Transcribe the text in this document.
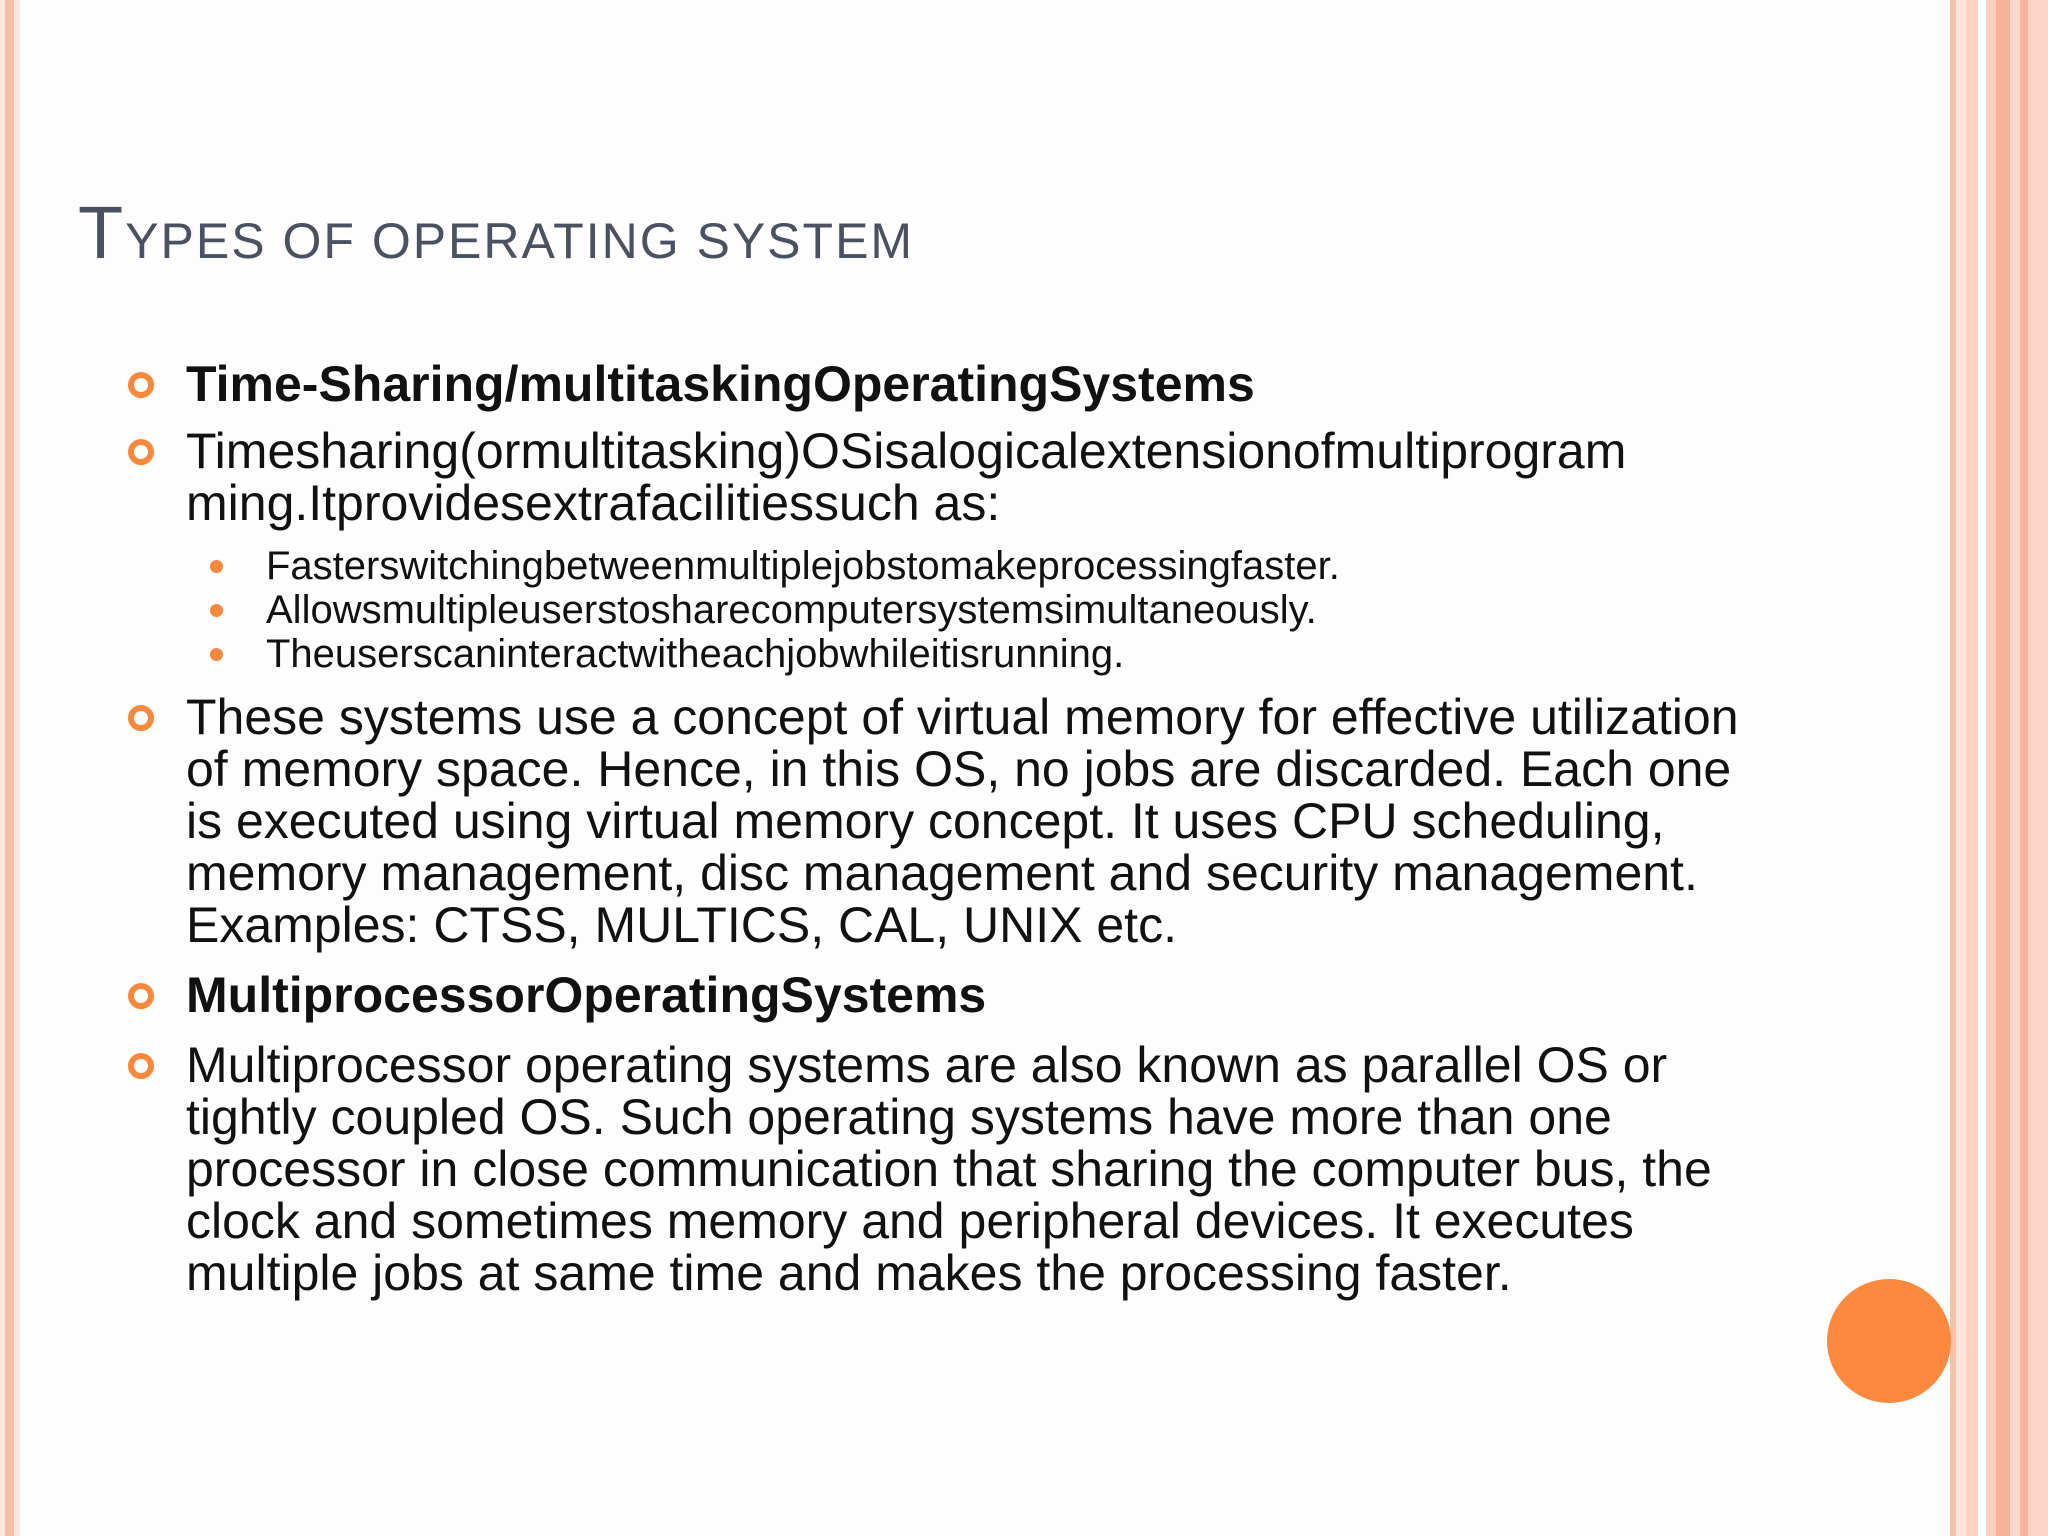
TYPES OF OPERATING SYSTEM

Time-Sharing/multitaskingOperatingSystems

Timesharing(ormultitasking)OSisalogicalextensionofmultiprogram ming.Itprovidesextrafacilitiessuch as:

Fasterswitchingbetweenmultiplejobstomakeprocessingfaster.

Allowsmultipleuserstosharecomputersystemsimultaneously.

Theuserscaninteractwitheachjobwhileitisrunning.

These systems use a concept of virtual memory for effective utilization of memory space. Hence, in this OS, no jobs are discarded. Each one is executed using virtual memory concept. It uses CPU scheduling, memory management, disc management and security management. Examples: CTSS, MULTICS, CAL, UNIX etc.

MultiprocessorOperatingSystems

Multiprocessor operating systems are also known as parallel OS or tightly coupled OS. Such operating systems have more than one processor in close communication that sharing the computer bus, the clock and sometimes memory and peripheral devices. It executes multiple jobs at same time and makes the processing faster.
